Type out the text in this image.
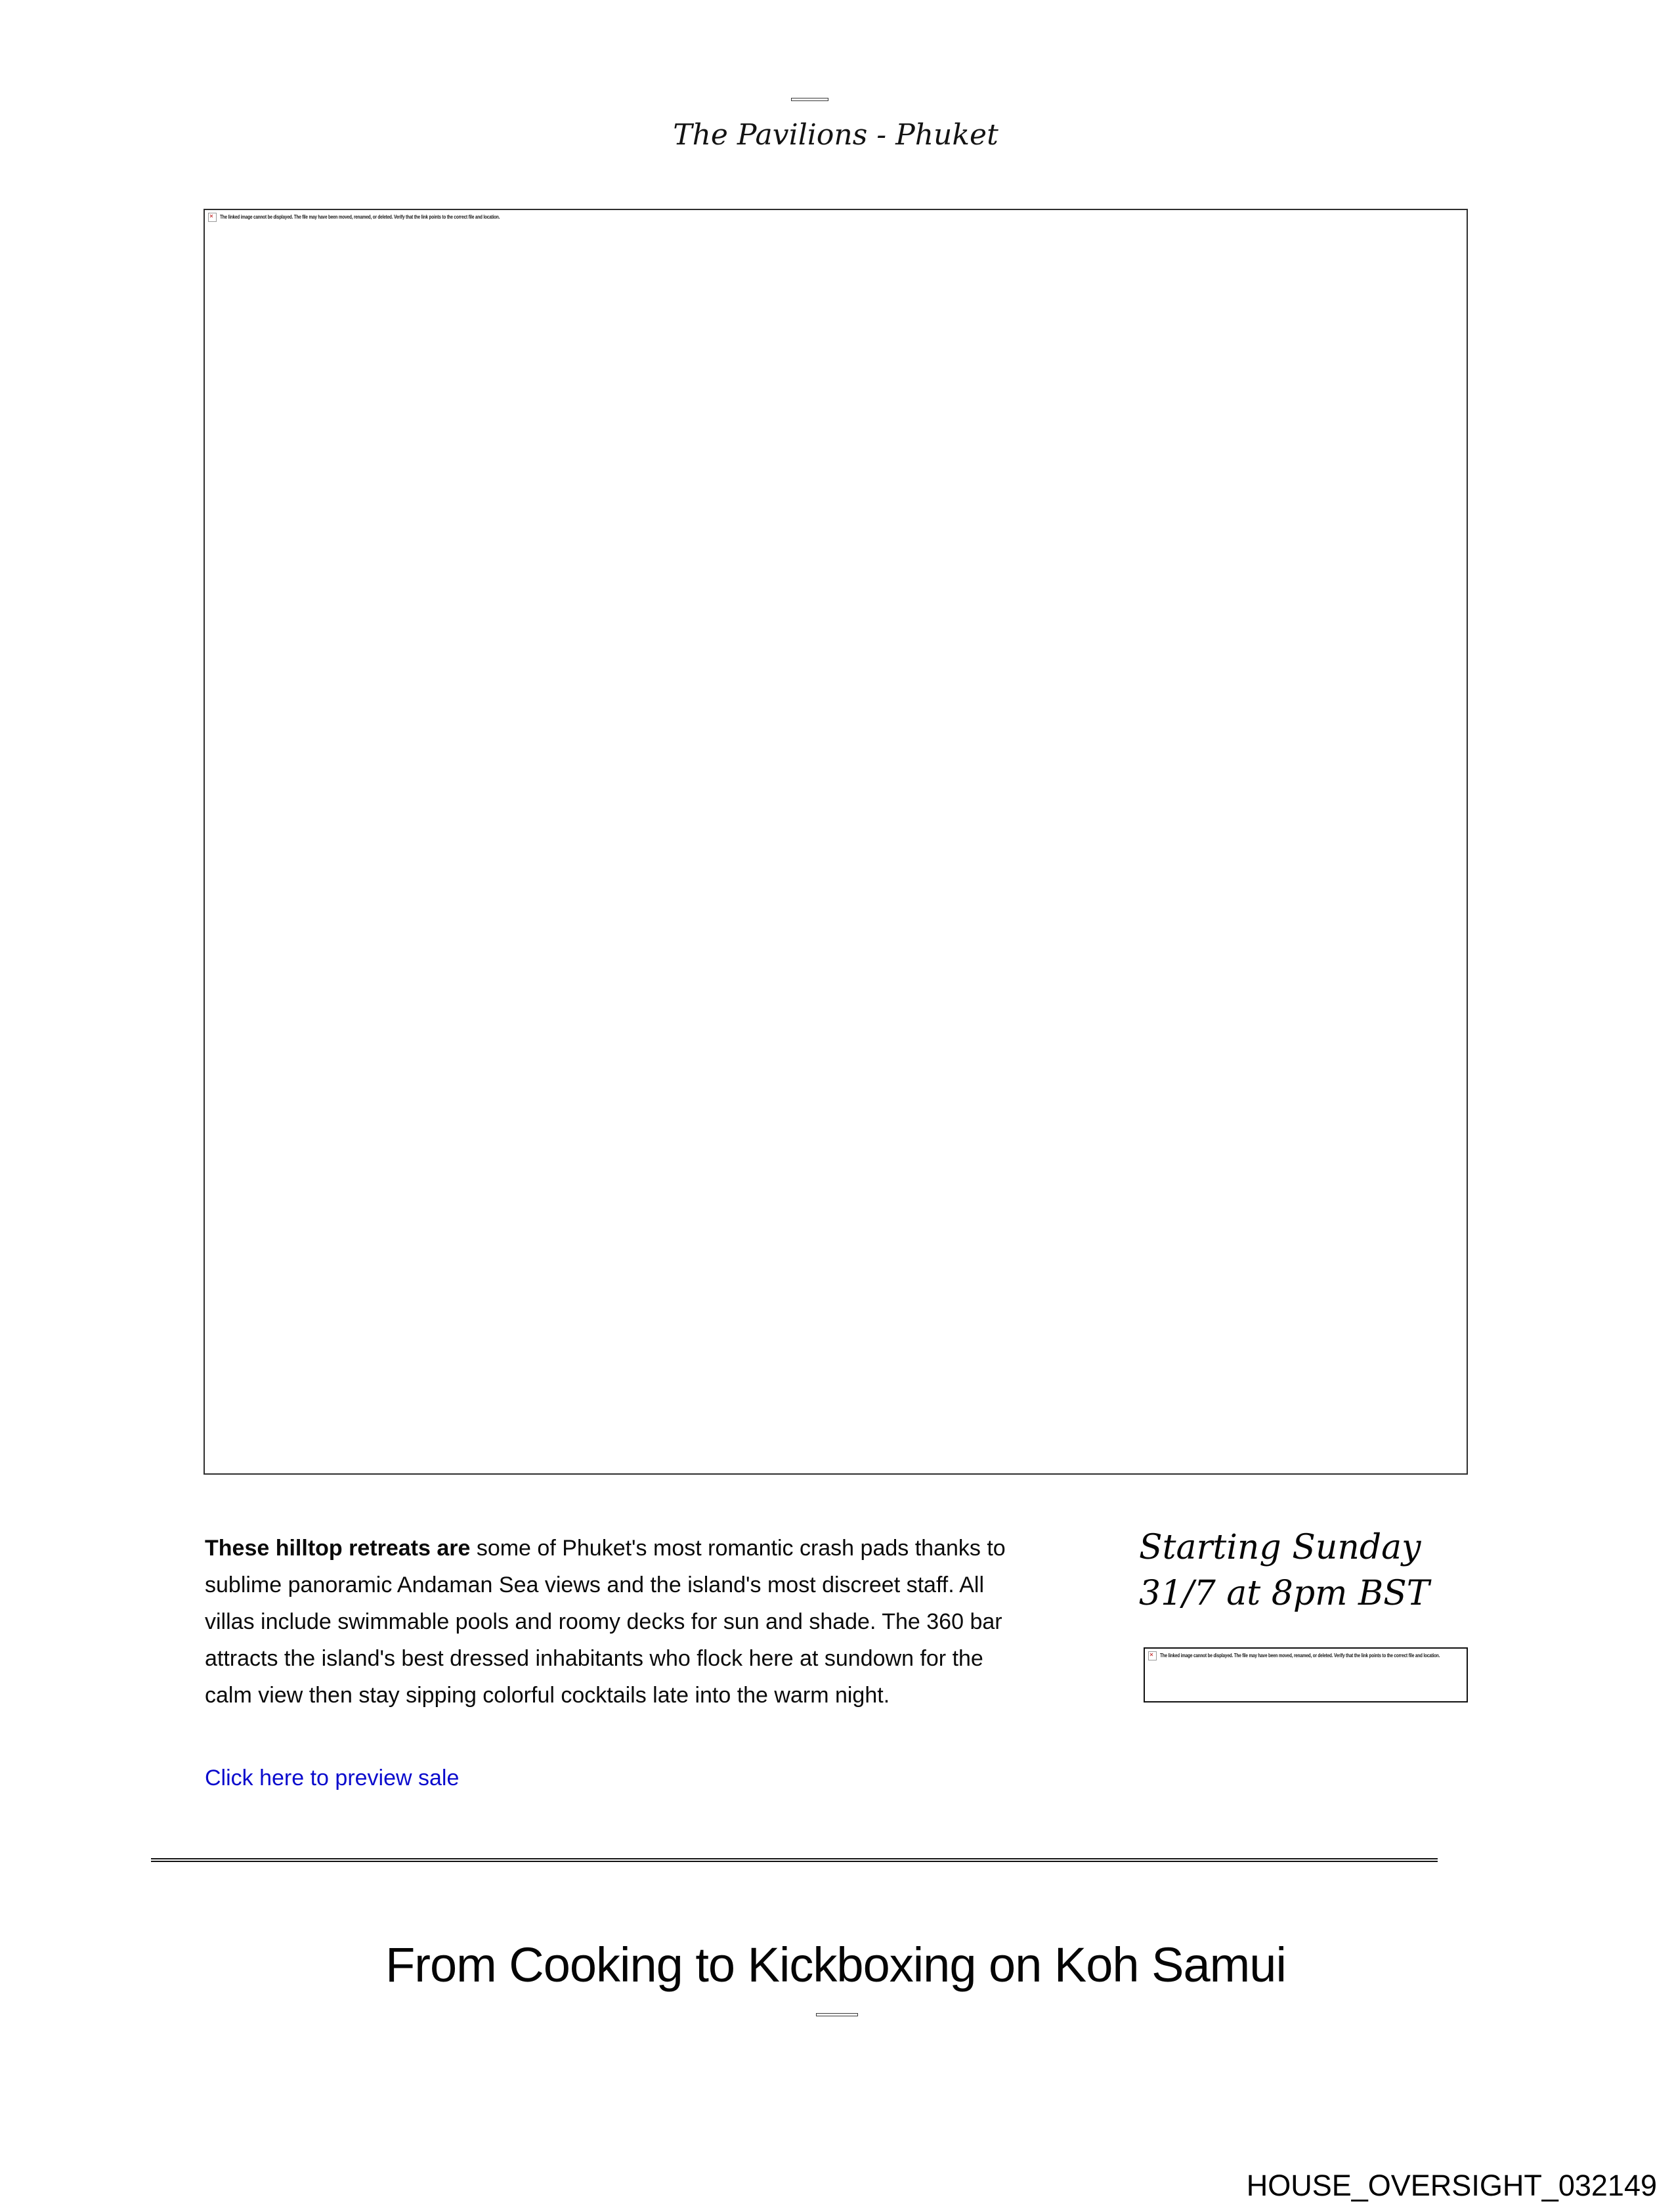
The Pavilions - Phuket
The linked image cannot be displayed. The file may have been moved, renamed, or deleted. Verify that the link points to the correct file and location.
These hilltop retreats are some of Phuket's most romantic crash pads thanks to sublime panoramic Andaman Sea views and the island's most discreet staff. All villas include swimmable pools and roomy decks for sun and shade. The 360 bar attracts the island's best dressed inhabitants who flock here at sundown for the calm view then stay sipping colorful cocktails late into the warm night.
Click here to preview sale
Starting Sunday
31/7 at 8pm BST
The linked image cannot be displayed. The file may have been moved, renamed, or deleted. Verify that the link points to the correct file and location.
From Cooking to Kickboxing on Koh Samui
HOUSE_OVERSIGHT_032149
